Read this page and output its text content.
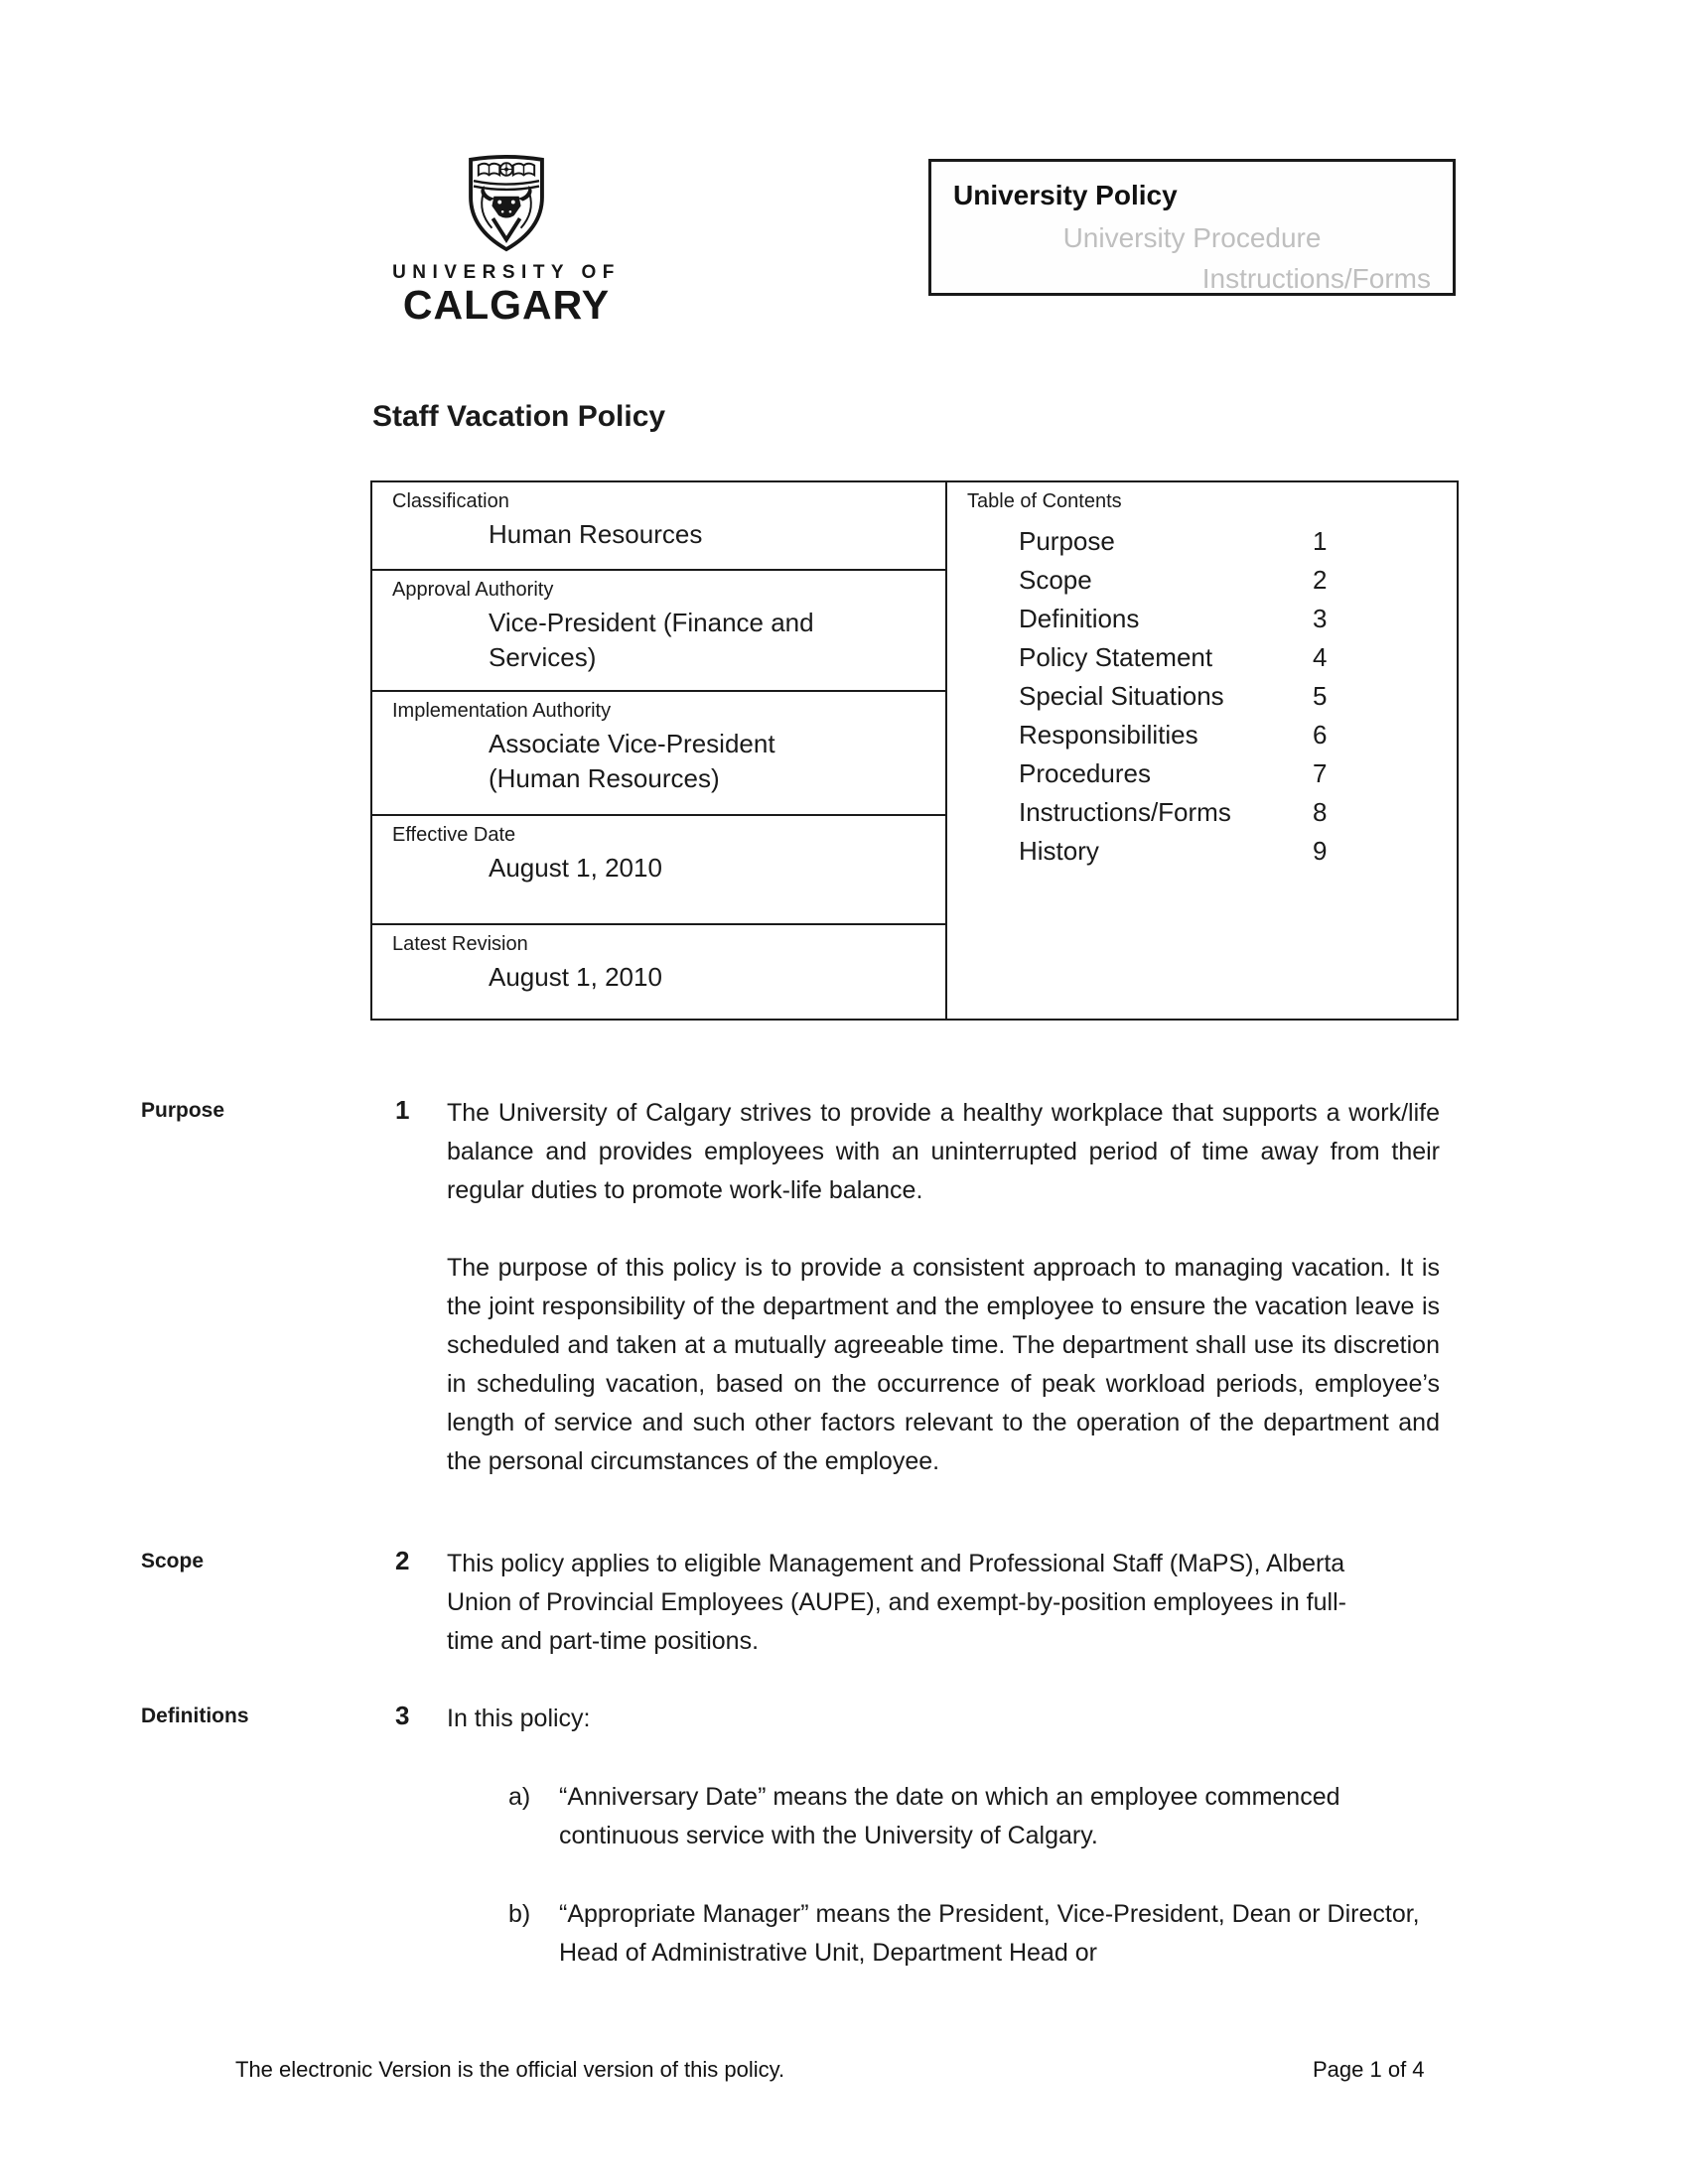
UNIVERSITY OF
CALGARY
University Policy
University Procedure
Instructions/Forms
Staff Vacation Policy
Classification
Human Resources
Approval Authority
Vice-President (Finance and Services)
Implementation Authority
Associate Vice-President (Human Resources)
Effective Date
August 1, 2010
Latest Revision
August 1, 2010
Table of Contents
Purpose	1
Scope	2
Definitions	3
Policy Statement	4
Special Situations	5
Responsibilities	6
Procedures	7
Instructions/Forms	8
History	9
Purpose	1 The University of Calgary strives to provide a healthy workplace that supports a work/life balance and provides employees with an uninterrupted period of time away from their regular duties to promote work-life balance.

The purpose of this policy is to provide a consistent approach to managing vacation. It is the joint responsibility of the department and the employee to ensure the vacation leave is scheduled and taken at a mutually agreeable time. The department shall use its discretion in scheduling vacation, based on the occurrence of peak workload periods, employee’s length of service and such other factors relevant to the operation of the department and the personal circumstances of the employee.

Scope	2 This policy applies to eligible Management and Professional Staff (MaPS), Alberta Union of Provincial Employees (AUPE), and exempt-by-position employees in full-time and part-time positions.

Definitions	3 In this policy:

a)	“Anniversary Date” means the date on which an employee commenced continuous service with the University of Calgary.
b)	“Appropriate Manager” means the President, Vice-President, Dean or Director, Head of Administrative Unit, Department Head or
The electronic Version is the official version of this policy.	Page 1 of 4
